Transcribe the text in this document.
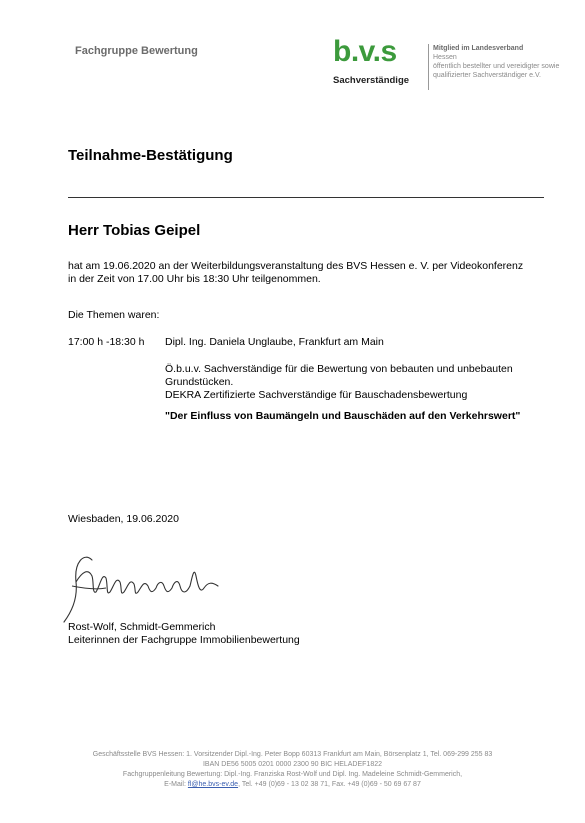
Fachgruppe Bewertung	b.v.s
Sachverständige
Mitglied im Landesverband
Hessen
öffentlich bestellter und vereidigter sowie
qualifizierter Sachverständiger e.V.
Teilnahme-Bestätigung
Herr Tobias Geipel
hat am 19.06.2020 an der Weiterbildungsveranstaltung des BVS Hessen e. V. per Videokonferenz
in der Zeit von 17.00 Uhr bis 18:30 Uhr teilgenommen.
Die Themen waren:
17:00 h -18:30 h Dipl. Ing. Daniela Unglaube, Frankfurt am Main
Ö.b.u.v. Sachverständige für die Bewertung von bebauten und unbebauten
Grundstücken.
DEKRA Zertifizierte Sachverständige für Bauschadensbewertung
"Der Einfluss von Baumängeln und Bauschäden auf den Verkehrswert"
Wiesbaden, 19.06.2020
Rost-Wolf, Schmidt-Gemmerich
Leiterinnen der Fachgruppe Immobilienbewertung
Geschäftsstelle BVS Hessen: 1. Vorsitzender Dipl.-Ing. Peter Bopp 60313 Frankfurt am Main, Börsenplatz 1, Tel. 069-299 255 83
IBAN DE56 5005 0201 0000 2300 90 BIC HELADEF1822
Fachgruppenleitung Bewertung: Dipl.-Ing. Franziska Rost-Wolf und Dipl. Ing. Madeleine Schmidt-Gemmerich,
E-Mail: fl@he.bvs-ev.de, Tel. +49 (0)69 - 13 02 38 71, Fax. +49 (0)69 - 50 69 67 87
